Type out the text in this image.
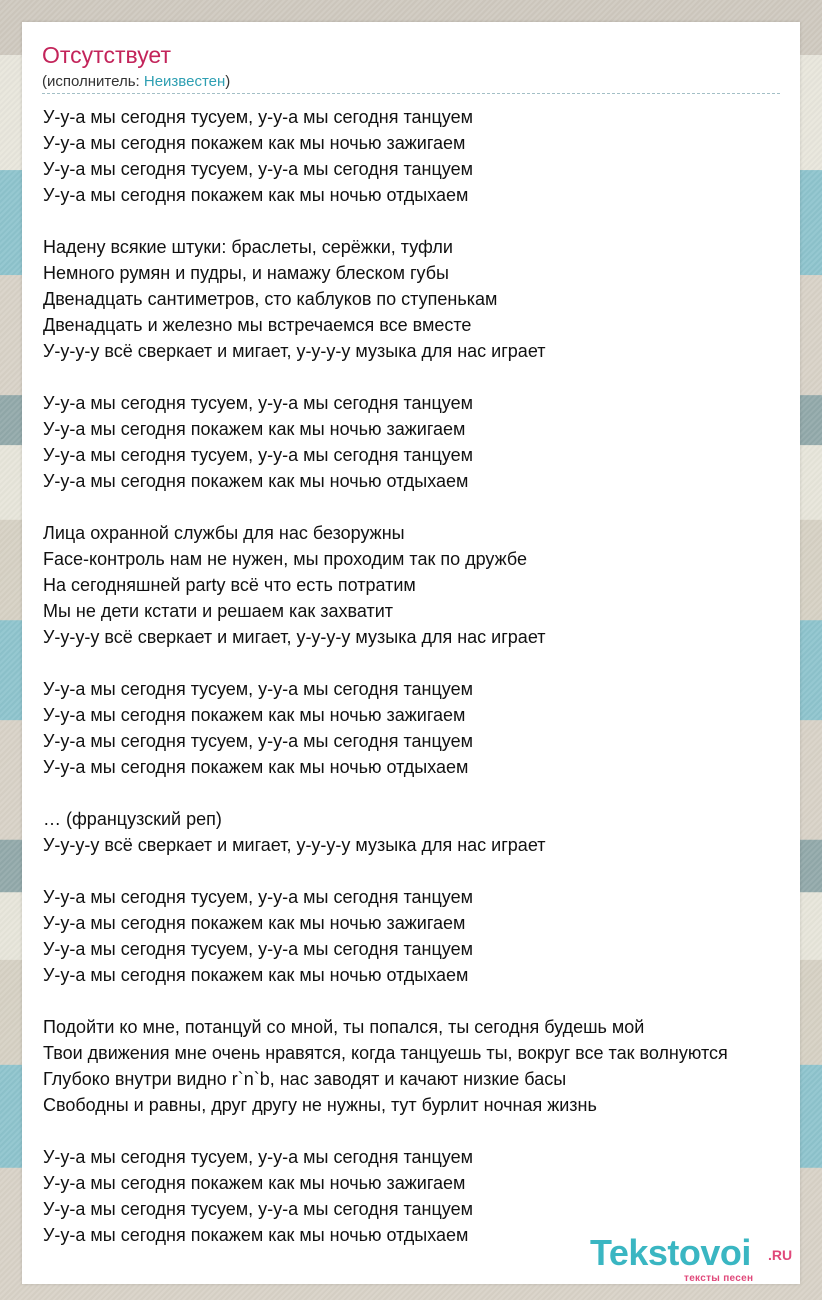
Отсутствует
(исполнитель: Неизвестен)
У-у-а мы сегодня тусуем, у-у-а мы сегодня танцуем
У-у-а мы сегодня покажем как мы ночью зажигаем
У-у-а мы сегодня тусуем, у-у-а мы сегодня танцуем
У-у-а мы сегодня покажем как мы ночью отдыхаем
Надену всякие штуки: браслеты, серёжки, туфли
Немного румян и пудры, и намажу блеском губы
Двенадцать сантиметров, сто каблуков по ступенькам
Двенадцать и железно мы встречаемся все вместе
У-у-у-у всё сверкает и мигает, у-у-у-у музыка для нас играет
У-у-а мы сегодня тусуем, у-у-а мы сегодня танцуем
У-у-а мы сегодня покажем как мы ночью зажигаем
У-у-а мы сегодня тусуем, у-у-а мы сегодня танцуем
У-у-а мы сегодня покажем как мы ночью отдыхаем
Лица охранной службы для нас безоружны
Face-контроль нам не нужен, мы проходим так по дружбе
На сегодняшней party всё что есть потратим
Мы не дети кстати и решаем как захватит
У-у-у-у всё сверкает и мигает, у-у-у-у музыка для нас играет
У-у-а мы сегодня тусуем, у-у-а мы сегодня танцуем
У-у-а мы сегодня покажем как мы ночью зажигаем
У-у-а мы сегодня тусуем, у-у-а мы сегодня танцуем
У-у-а мы сегодня покажем как мы ночью отдыхаем
… (французский реп)
У-у-у-у всё сверкает и мигает, у-у-у-у музыка для нас играет
У-у-а мы сегодня тусуем, у-у-а мы сегодня танцуем
У-у-а мы сегодня покажем как мы ночью зажигаем
У-у-а мы сегодня тусуем, у-у-а мы сегодня танцуем
У-у-а мы сегодня покажем как мы ночью отдыхаем
Подойти ко мне, потанцуй со мной, ты попался, ты сегодня будешь мой
Твои движения мне очень нравятся, когда танцуешь ты, вокруг все так волнуются
Глубоко внутри видно r`n`b, нас заводят и качают низкие басы
Свободны и равны, друг другу не нужны, тут бурлит ночная жизнь
У-у-а мы сегодня тусуем, у-у-а мы сегодня танцуем
У-у-а мы сегодня покажем как мы ночью зажигаем
У-у-а мы сегодня тусуем, у-у-а мы сегодня танцуем
У-у-а мы сегодня покажем как мы ночью отдыхаем	Tekstovoi .RU
тексты песен
